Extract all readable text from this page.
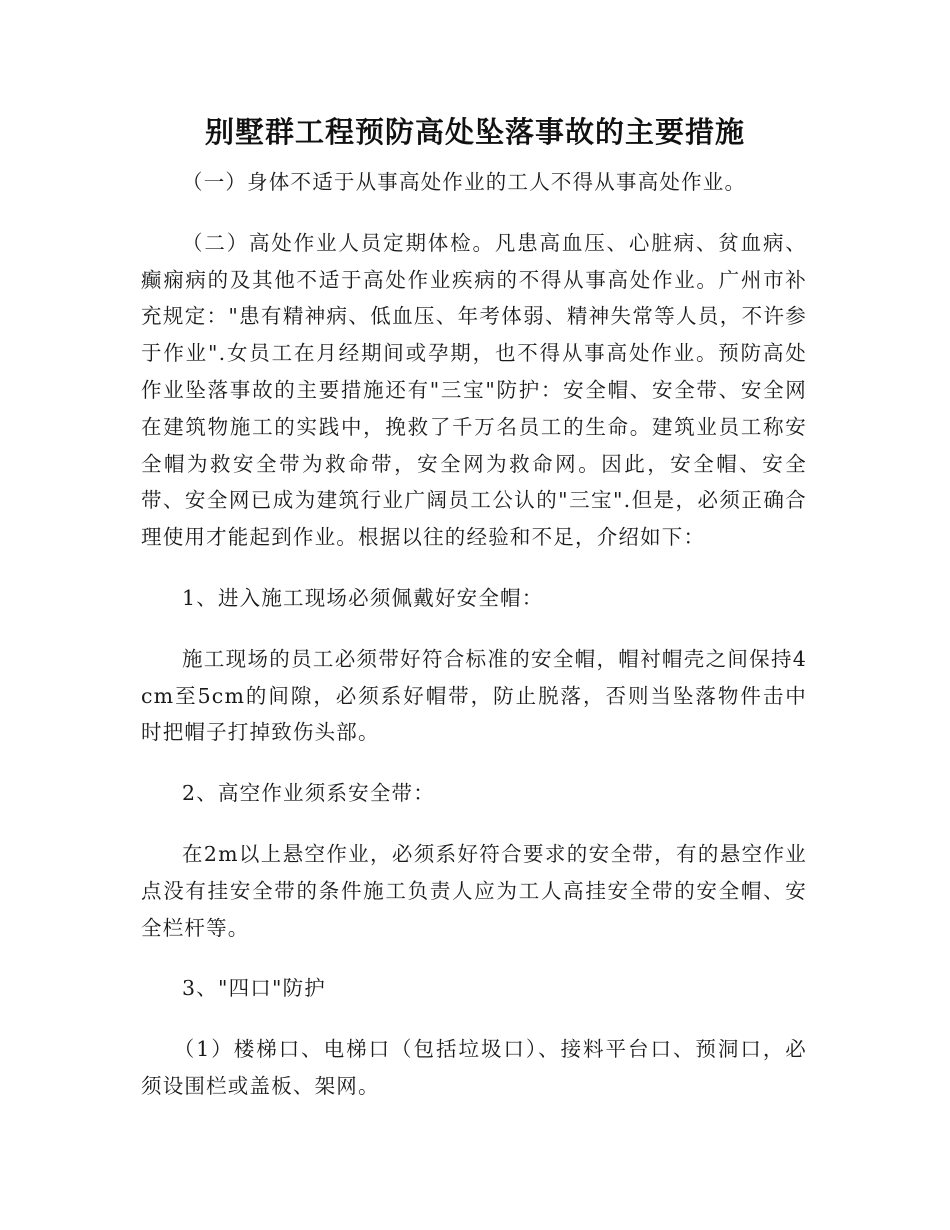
别墅群工程预防高处坠落事故的主要措施

（一）身体不适于从事高处作业的工人不得从事高处作业。

（二）高处作业人员定期体检。凡患高血压、心脏病、贫血病、癫痫病的及其他不适于高处作业疾病的不得从事高处作业。广州市补充规定："患有精神病、低血压、年考体弱、精神失常等人员，不许参于作业".女员工在月经期间或孕期，也不得从事高处作业。预防高处作业坠落事故的主要措施还有"三宝"防护：安全帽、安全带、安全网在建筑物施工的实践中，挽救了千万名员工的生命。建筑业员工称安全帽为救安全带为救命带，安全网为救命网。因此，安全帽、安全带、安全网已成为建筑行业广阔员工公认的"三宝".但是，必须正确合理使用才能起到作业。根据以往的经验和不足，介绍如下：

1、进入施工现场必须佩戴好安全帽：

施工现场的员工必须带好符合标准的安全帽，帽衬帽壳之间保持4cm至5cm的间隙，必须系好帽带，防止脱落，否则当坠落物件击中时把帽子打掉致伤头部。

2、高空作业须系安全带：

在2m以上悬空作业，必须系好符合要求的安全带，有的悬空作业点没有挂安全带的条件施工负责人应为工人高挂安全带的安全帽、安全栏杆等。

3、"四口"防护

（1）楼梯口、电梯口（包括垃圾口）、接料平台口、预洞口，必须设围栏或盖板、架网。
